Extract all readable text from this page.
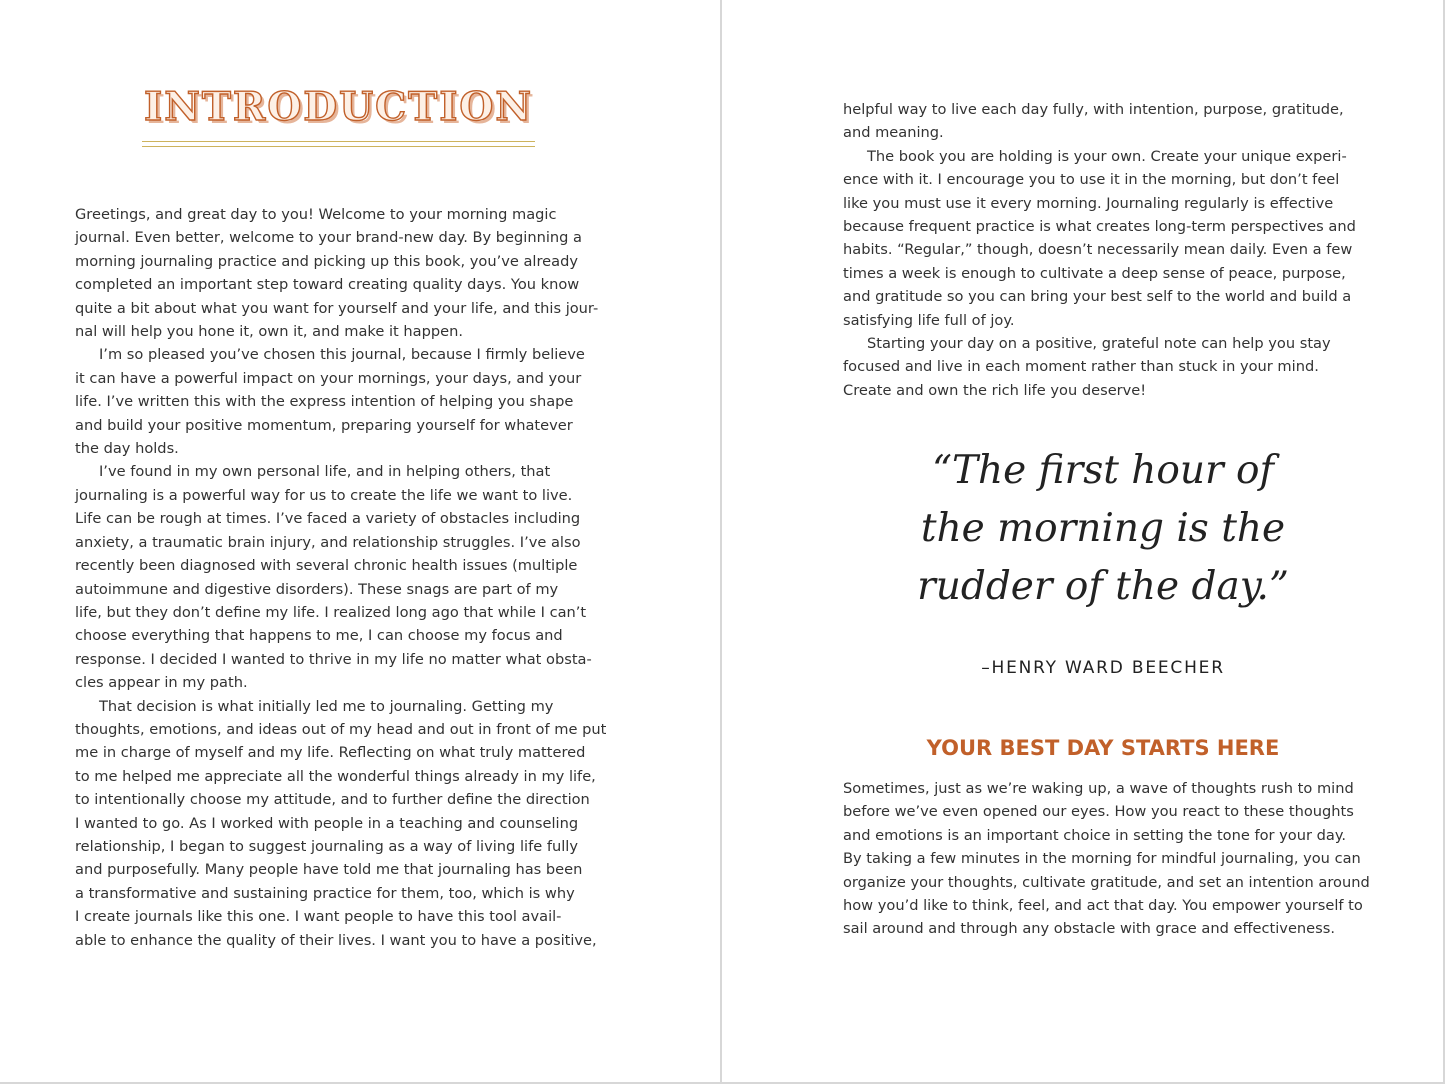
INTRODUCTION

Greetings, and great day to you! Welcome to your morning magic

journal. Even better, welcome to your brand-new day. By beginning a

morning journaling practice and picking up this book, you’ve already

completed an important step toward creating quality days. You know

quite a bit about what you want for yourself and your life, and this jour-

nal will help you hone it, own it, and make it happen.

I’m so pleased you’ve chosen this journal, because I firmly believe

it can have a powerful impact on your mornings, your days, and your

life. I’ve written this with the express intention of helping you shape

and build your positive momentum, preparing yourself for whatever

the day holds.

I’ve found in my own personal life, and in helping others, that

journaling is a powerful way for us to create the life we want to live.

Life can be rough at times. I’ve faced a variety of obstacles including

anxiety, a traumatic brain injury, and relationship struggles. I’ve also

recently been diagnosed with several chronic health issues (multiple

autoimmune and digestive disorders). These snags are part of my

life, but they don’t define my life. I realized long ago that while I can’t

choose everything that happens to me, I can choose my focus and

response. I decided I wanted to thrive in my life no matter what obsta-

cles appear in my path.

That decision is what initially led me to journaling. Getting my

thoughts, emotions, and ideas out of my head and out in front of me put

me in charge of myself and my life. Reflecting on what truly mattered

to me helped me appreciate all the wonderful things already in my life,

to intentionally choose my attitude, and to further define the direction

I wanted to go. As I worked with people in a teaching and counseling

relationship, I began to suggest journaling as a way of living life fully

and purposefully. Many people have told me that journaling has been

a transformative and sustaining practice for them, too, which is why

I create journals like this one. I want people to have this tool avail-

able to enhance the quality of their lives. I want you to have a positive,

helpful way to live each day fully, with intention, purpose, gratitude,

and meaning.

The book you are holding is your own. Create your unique experi-

ence with it. I encourage you to use it in the morning, but don’t feel

like you must use it every morning. Journaling regularly is effective

because frequent practice is what creates long-term perspectives and

habits. “Regular,” though, doesn’t necessarily mean daily. Even a few

times a week is enough to cultivate a deep sense of peace, purpose,

and gratitude so you can bring your best self to the world and build a

satisfying life full of joy.

Starting your day on a positive, grateful note can help you stay

focused and live in each moment rather than stuck in your mind.

Create and own the rich life you deserve!

“The first hour of
the morning is the
rudder of the day.”
–HENRY WARD BEECHER
YOUR BEST DAY STARTS HERE

Sometimes, just as we’re waking up, a wave of thoughts rush to mind

before we’ve even opened our eyes. How you react to these thoughts

and emotions is an important choice in setting the tone for your day.

By taking a few minutes in the morning for mindful journaling, you can

organize your thoughts, cultivate gratitude, and set an intention around

how you’d like to think, feel, and act that day. You empower yourself to

sail around and through any obstacle with grace and effectiveness.
